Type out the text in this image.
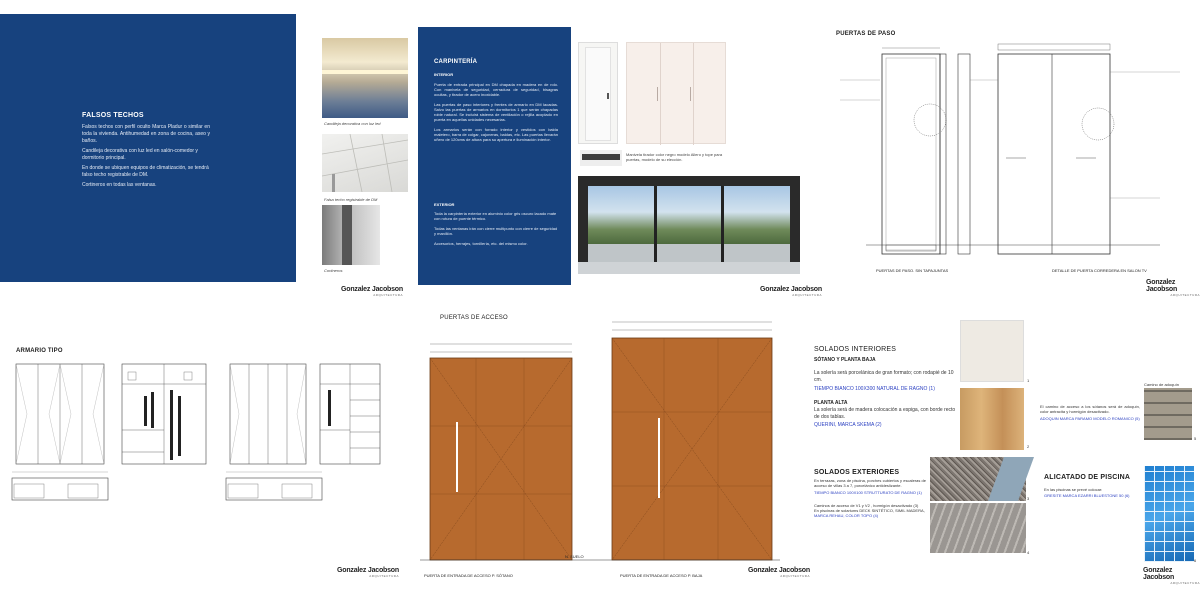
FALSOS TECHOS

Falsos techos con perfil oculto Marca Pladur o similar en toda la vivienda. Antihumedad en zona de cocina, aseo y baños.

Candileja decorativa con luz led en salón-comedor y dormitorio principal.

En donde se ubiquen equipos de climatización, se tendrá falso techo registrable de DM.

Cortineros en todas las ventanas.

Candileja decorativa con luz led
Falsa techo registrable de DM
Cortineros
Gonzalez Jacobson
ARQUITECTURA
CARPINTERÍA
INTERIOR

Puerta de entrada principal en DM chapada en madera en de rolo. Con manivela de seguridad, cerradura de seguridad, bisagras ocultas, y tirador de acero inoxidable.

Las puertas de paso interiores y frentes de armario en DM lacadas. Salvo las puertas de armarios en dormitorios 1 que serán chapadas roble natural. Se incluirá sistema de ventilación o rejilla acoplado en puerta en aquellas unidades necesarias.

Los armarios serán con forrado interior y vestidos con balda maletero, barra de colgar, cajoneras, baldas, etc. Las puertas llevarán uñero de 120cms de altura para su apertura e iluminación interior.

EXTERIOR

Toda la carpintería exterior en aluminio color gris oscuro lacado mate con rotura de puente térmico.

Todas las ventanas irán con cierre multipunto con cierre de seguridad y manillón.

Accesorios, herrajes, tornillería, etc. del mismo color.

Manivela tirador color negro modelo Allero y tope para puertas, modelo de su elección.
Gonzalez Jacobson
ARQUITECTURA
PUERTAS DE PASO
PUERTAS DE PASO. SIN TAPAJUNTAS	DETALLE DE PUERTA CORREDERA EN SALON TV
Gonzalez Jacobson
ARQUITECTURA
ARMARIO TIPO
Gonzalez Jacobson
ARQUITECTURA
PUERTAS DE ACCESO
N. SUELO
PUERTA DE ENTRADA DE ACCESO P. SÓTANO	PUERTA DE ENTRADA DE ACCESO P. BAJA
Gonzalez Jacobson
ARQUITECTURA
SOLADOS INTERIORES
SÓTANO Y PLANTA BAJA
La solería será porcelánica de gran formato; con rodapié de 10 cm.
TIEMPO BIANCO 100X300 NATURAL DE RAGNO (1)
PLANTA ALTA
La solería será de madera colocación a espiga, con borde recto de dos tablas.
QUERINI, MARCA SKEMA (2)
1
2
SOLADOS EXTERIORES
En terrazas, zona de piscina, porches cubiertos y escaleras de acceso de villas 3 a 7, porcelánico antideslizante.
TIEMPO BIANCO 100X100 STRUTTURATO DE RAGNO (1)
Caminos de acceso de V1 y V2 , hormigón desactivado (3)
En piscinas de solariums DECK SINTÉTICO, SIMIL MADERA,
MARCA REHAU, COLOR TOPO (4)
3
4
El camino de acceso a los sótanos será de adoquín, color antracita y hormigón desactivado.
ADOQUIN MARCA PARAMO MODELO ROMANICO (5)
Camino de adoquín
5
ALICATADO DE PISCINA
En las piscinas se prevé colocar:
GRESITE MARCA EZARRI BLUESTONE 50 (6)
6
Gonzalez Jacobson
ARQUITECTURA
